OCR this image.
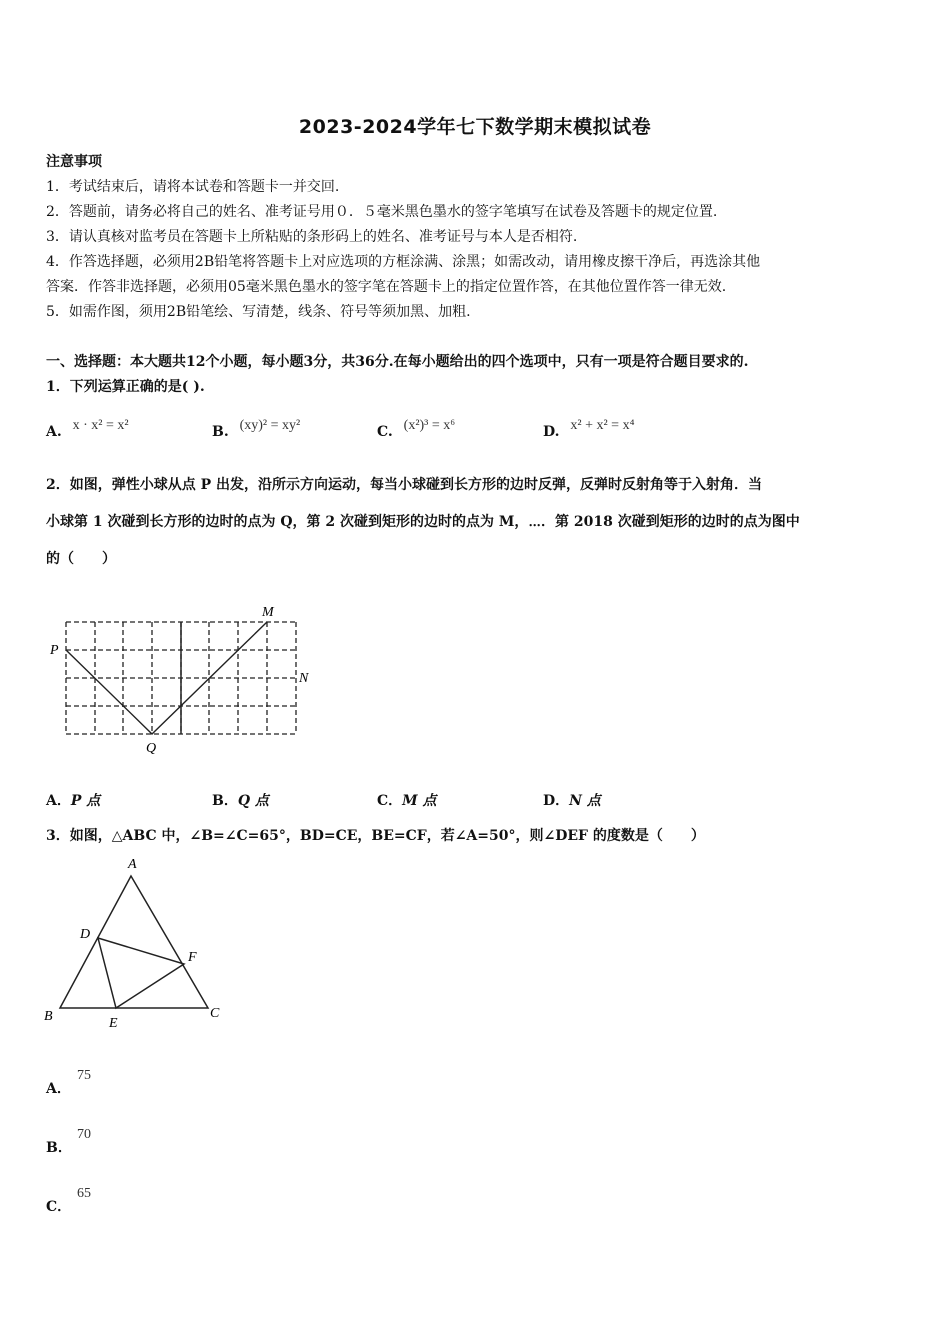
2023-2024学年七下数学期末模拟试卷
注意事项
1．考试结束后，请将本试卷和答题卡一并交回.
2．答题前，请务必将自己的姓名、准考证号用０．５毫米黑色墨水的签字笔填写在试卷及答题卡的规定位置.
3．请认真核对监考员在答题卡上所粘贴的条形码上的姓名、准考证号与本人是否相符.
4．作答选择题，必须用2B铅笔将答题卡上对应选项的方框涂满、涂黑；如需改动，请用橡皮擦干净后，再选涂其他
答案．作答非选择题，必须用05毫米黑色墨水的签字笔在答题卡上的指定位置作答，在其他位置作答一律无效.
5．如需作图，须用2B铅笔绘、写清楚，线条、符号等须加黑、加粗.
一、选择题：本大题共12个小题，每小题3分，共36分.在每小题给出的四个选项中，只有一项是符合题目要求的.
1．下列运算正确的是( ).
A. x · x² = x²	B. (xy)² = xy²	C. (x²)³ = x⁶	D. x² + x² = x⁴
2．如图，弹性小球从点 P 出发，沿所示方向运动，每当小球碰到长方形的边时反弹，反弹时反射角等于入射角．当
小球第 1 次碰到长方形的边时的点为 Q，第 2 次碰到矩形的边时的点为 M，⋯．第 2018 次碰到矩形的边时的点为图中
的（　　）
P
Q
M
N
A．P 点	B．Q 点	C．M 点	D．N 点
3．如图，△ABC 中，∠B=∠C=65°，BD=CE，BE=CF，若∠A=50°，则∠DEF 的度数是（　　）
A
B	C
D
E
F
A．
75
B．
70
C．
65
